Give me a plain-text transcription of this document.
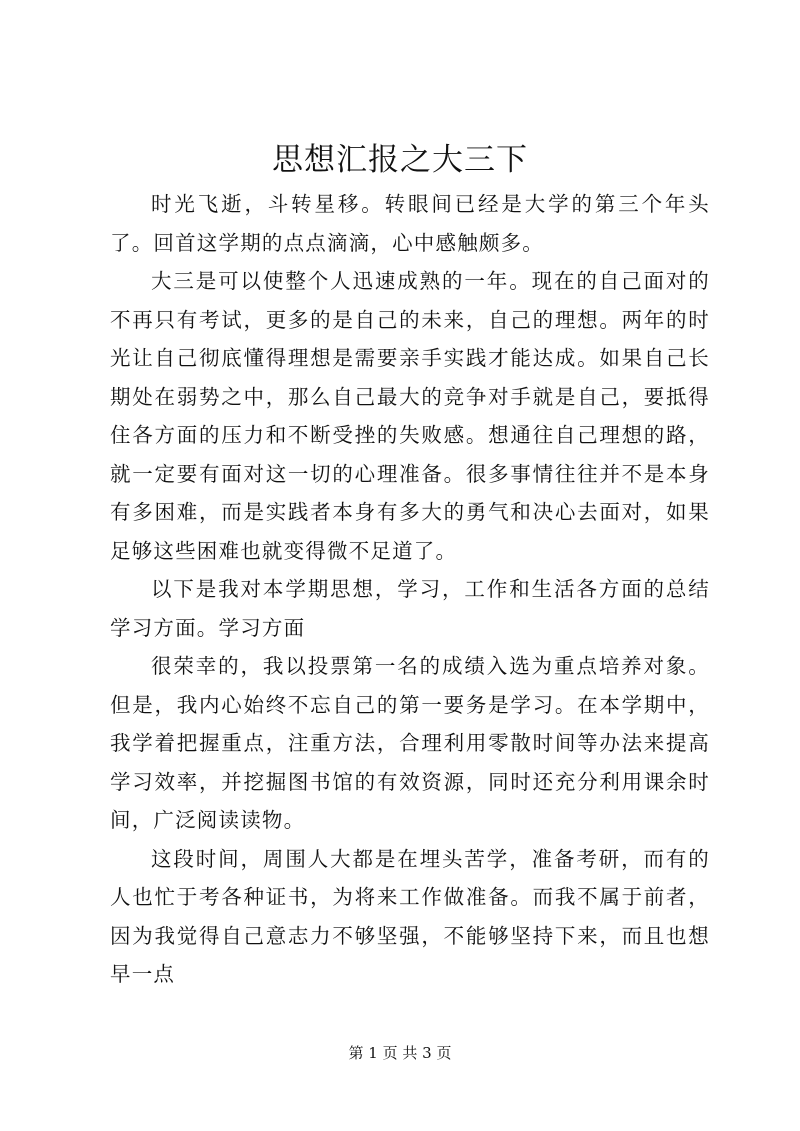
思想汇报之大三下

时光飞逝，斗转星移。转眼间已经是大学的第三个年头了。回首这学期的点点滴滴，心中感触颇多。

大三是可以使整个人迅速成熟的一年。现在的自己面对的不再只有考试，更多的是自己的未来，自己的理想。两年的时光让自己彻底懂得理想是需要亲手实践才能达成。如果自己长期处在弱势之中，那么自己最大的竞争对手就是自己，要抵得住各方面的压力和不断受挫的失败感。想通往自己理想的路，就一定要有面对这一切的心理准备。很多事情往往并不是本身有多困难，而是实践者本身有多大的勇气和决心去面对，如果足够这些困难也就变得微不足道了。

以下是我对本学期思想，学习，工作和生活各方面的总结学习方面。学习方面

很荣幸的，我以投票第一名的成绩入选为重点培养对象。但是，我内心始终不忘自己的第一要务是学习。在本学期中，我学着把握重点，注重方法，合理利用零散时间等办法来提高学习效率，并挖掘图书馆的有效资源，同时还充分利用课余时间，广泛阅读读物。

这段时间，周围人大都是在埋头苦学，准备考研，而有的人也忙于考各种证书，为将来工作做准备。而我不属于前者，因为我觉得自己意志力不够坚强，不能够坚持下来，而且也想早一点

第 1 页 共 3 页
